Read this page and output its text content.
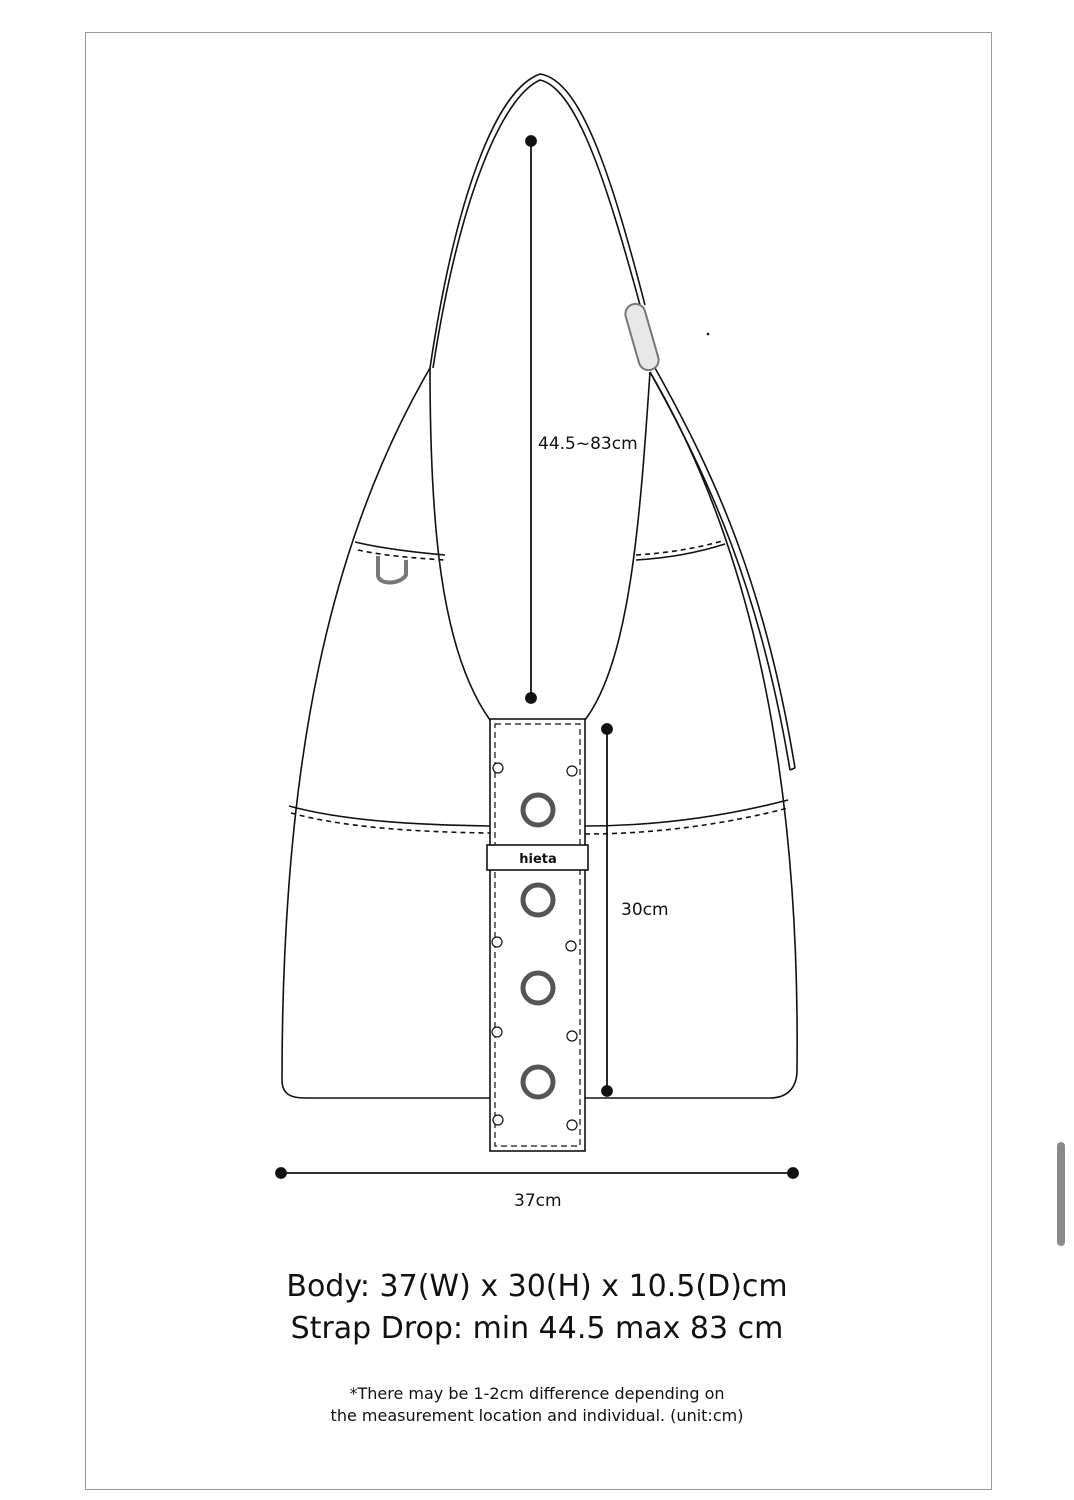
hieta
44.5~83cm
30cm
37cm
Body: 37(W) x 30(H) x 10.5(D)cm
Strap Drop: min 44.5 max 83 cm
*There may be 1-2cm difference depending on
the measurement location and individual. (unit:cm)
